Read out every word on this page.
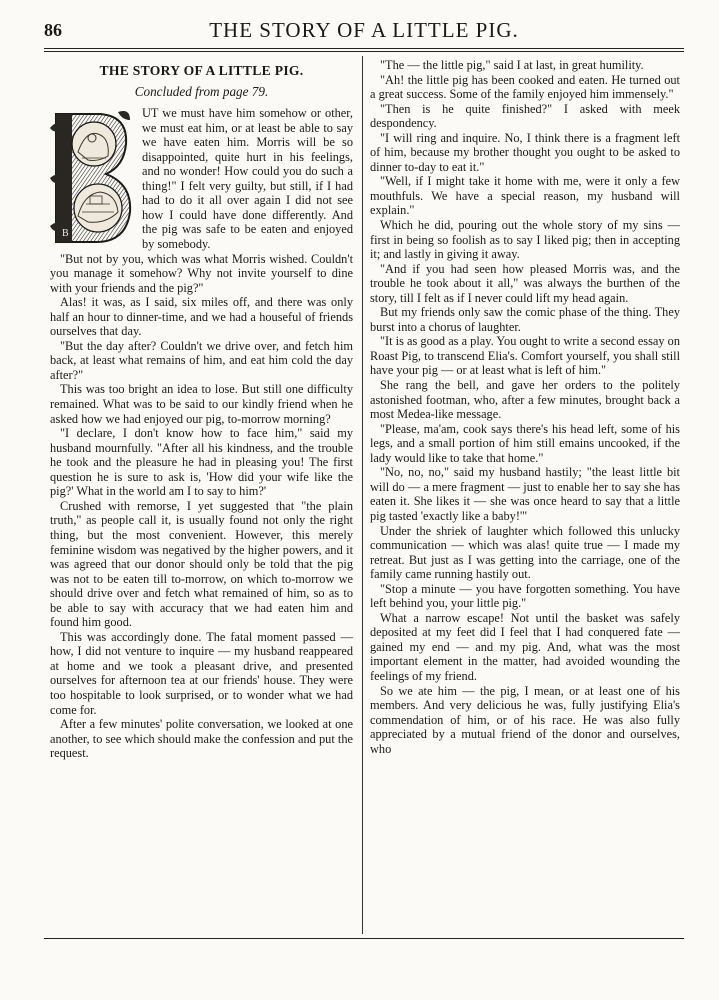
86	THE STORY OF A LITTLE PIG.
THE STORY OF A LITTLE PIG.
Concluded from page 79.
B

UT we must have him somehow or other, we must eat him, or at least be able to say we have eaten him. Morris will be so disappointed, quite hurt in his feelings, and no wonder! How could you do such a thing!" I felt very guilty, but still, if I had had to do it all over again I did not see how I could have done differently. And the pig was safe to be eaten and enjoyed by somebody.

"But not by you, which was what Morris wished. Couldn't you manage it somehow? Why not invite yourself to dine with your friends and the pig?"

Alas! it was, as I said, six miles off, and there was only half an hour to dinner-time, and we had a houseful of friends ourselves that day.

"But the day after? Couldn't we drive over, and fetch him back, at least what remains of him, and eat him cold the day after?"

This was too bright an idea to lose. But still one difficulty remained. What was to be said to our kindly friend when he asked how we had enjoyed our pig, to-morrow morning?

"I declare, I don't know how to face him," said my husband mournfully. "After all his kindness, and the trouble he took and the pleasure he had in pleasing you! The first question he is sure to ask is, 'How did your wife like the pig?' What in the world am I to say to him?'

Crushed with remorse, I yet suggested that "the plain truth," as people call it, is usually found not only the right thing, but the most convenient. However, this merely feminine wisdom was negatived by the higher powers, and it was agreed that our donor should only be told that the pig was not to be eaten till to-morrow, on which to-morrow we should drive over and fetch what remained of him, so as to be able to say with accuracy that we had eaten him and found him good.

This was accordingly done. The fatal moment passed — how, I did not venture to inquire — my husband reappeared at home and we took a pleasant drive, and presented ourselves for afternoon tea at our friends' house. They were too hospitable to look surprised, or to wonder what we had come for.

After a few minutes' polite conversation, we looked at one another, to see which should make the confession and put the request.

"The — the little pig," said I at last, in great humility.

"Ah! the little pig has been cooked and eaten. He turned out a great success. Some of the family enjoyed him immensely."

"Then is he quite finished?" I asked with meek despondency.

"I will ring and inquire. No, I think there is a fragment left of him, because my brother thought you ought to be asked to dinner to-day to eat it."

"Well, if I might take it home with me, were it only a few mouthfuls. We have a special reason, my husband will explain."

Which he did, pouring out the whole story of my sins — first in being so foolish as to say I liked pig; then in accepting it; and lastly in giving it away.

"And if you had seen how pleased Morris was, and the trouble he took about it all," was always the burthen of the story, till I felt as if I never could lift my head again.

But my friends only saw the comic phase of the thing. They burst into a chorus of laughter.

"It is as good as a play. You ought to write a second essay on Roast Pig, to transcend Elia's. Comfort yourself, you shall still have your pig — or at least what is left of him."

She rang the bell, and gave her orders to the politely astonished footman, who, after a few minutes, brought back a most Medea-like message.

"Please, ma'am, cook says there's his head left, some of his legs, and a small portion of him still emains uncooked, if the lady would like to take that home."

"No, no, no," said my husband hastily; "the least little bit will do — a mere fragment — just to enable her to say she has eaten it. She likes it — she was once heard to say that a little pig tasted 'exactly like a baby!'"

Under the shriek of laughter which followed this unlucky communication — which was alas! quite true — I made my retreat. But just as I was getting into the carriage, one of the family came running hastily out.

"Stop a minute — you have forgotten something. You have left behind you, your little pig."

What a narrow escape! Not until the basket was safely deposited at my feet did I feel that I had conquered fate — gained my end — and my pig. And, what was the most important element in the matter, had avoided wounding the feelings of my friend.

So we ate him — the pig, I mean, or at least one of his members. And very delicious he was, fully justifying Elia's commendation of him, or of his race. He was also fully appreciated by a mutual friend of the donor and ourselves, who
